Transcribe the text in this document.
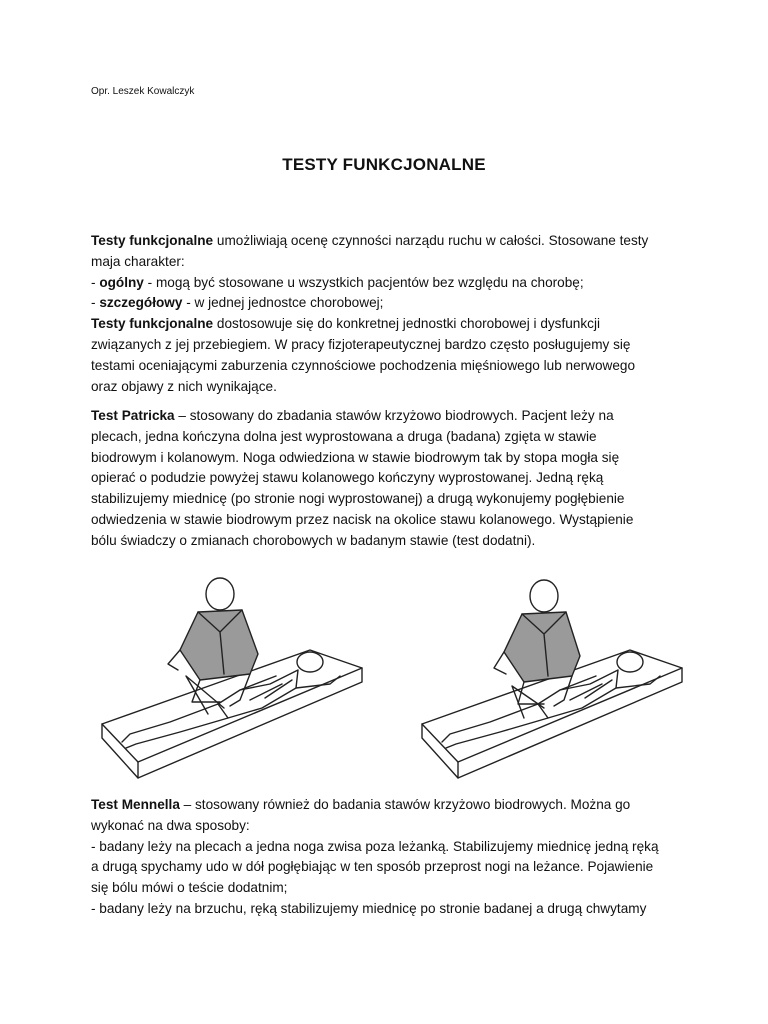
Opr. Leszek Kowalczyk
TESTY FUNKCJONALNE
Testy funkcjonalne umożliwiają ocenę czynności narządu ruchu w całości. Stosowane testy
maja charakter:
- ogólny - mogą być stosowane u wszystkich pacjentów bez względu na chorobę;
- szczegółowy - w jednej jednostce chorobowej;
Testy funkcjonalne dostosowuje się do konkretnej jednostki chorobowej i dysfunkcji
związanych z jej przebiegiem. W pracy fizjoterapeutycznej bardzo często posługujemy się
testami oceniającymi zaburzenia czynnościowe pochodzenia mięśniowego lub nerwowego
oraz objawy z nich wynikające.
Test Patricka – stosowany do zbadania stawów krzyżowo biodrowych. Pacjent leży na
plecach, jedna kończyna dolna jest wyprostowana a druga (badana) zgięta w stawie
biodrowym i kolanowym. Noga odwiedziona w stawie biodrowym tak by stopa mogła się
opierać o podudzie powyżej stawu kolanowego kończyny wyprostowanej. Jedną ręką
stabilizujemy miednicę (po stronie nogi wyprostowanej) a drugą wykonujemy pogłębienie
odwiedzenia w stawie biodrowym przez nacisk na okolice stawu kolanowego. Wystąpienie
bólu świadczy o zmianach chorobowych w badanym stawie (test dodatni).
Test Mennella – stosowany również do badania stawów krzyżowo biodrowych. Można go
wykonać na dwa sposoby:
- badany leży na plecach a jedna noga zwisa poza leżanką. Stabilizujemy miednicę jedną ręką
a drugą spychamy udo w dół pogłębiając w ten sposób przeprost nogi na leżance. Pojawienie
się bólu mówi o teście dodatnim;
- badany leży na brzuchu, ręką stabilizujemy miednicę po stronie badanej a drugą chwytamy
